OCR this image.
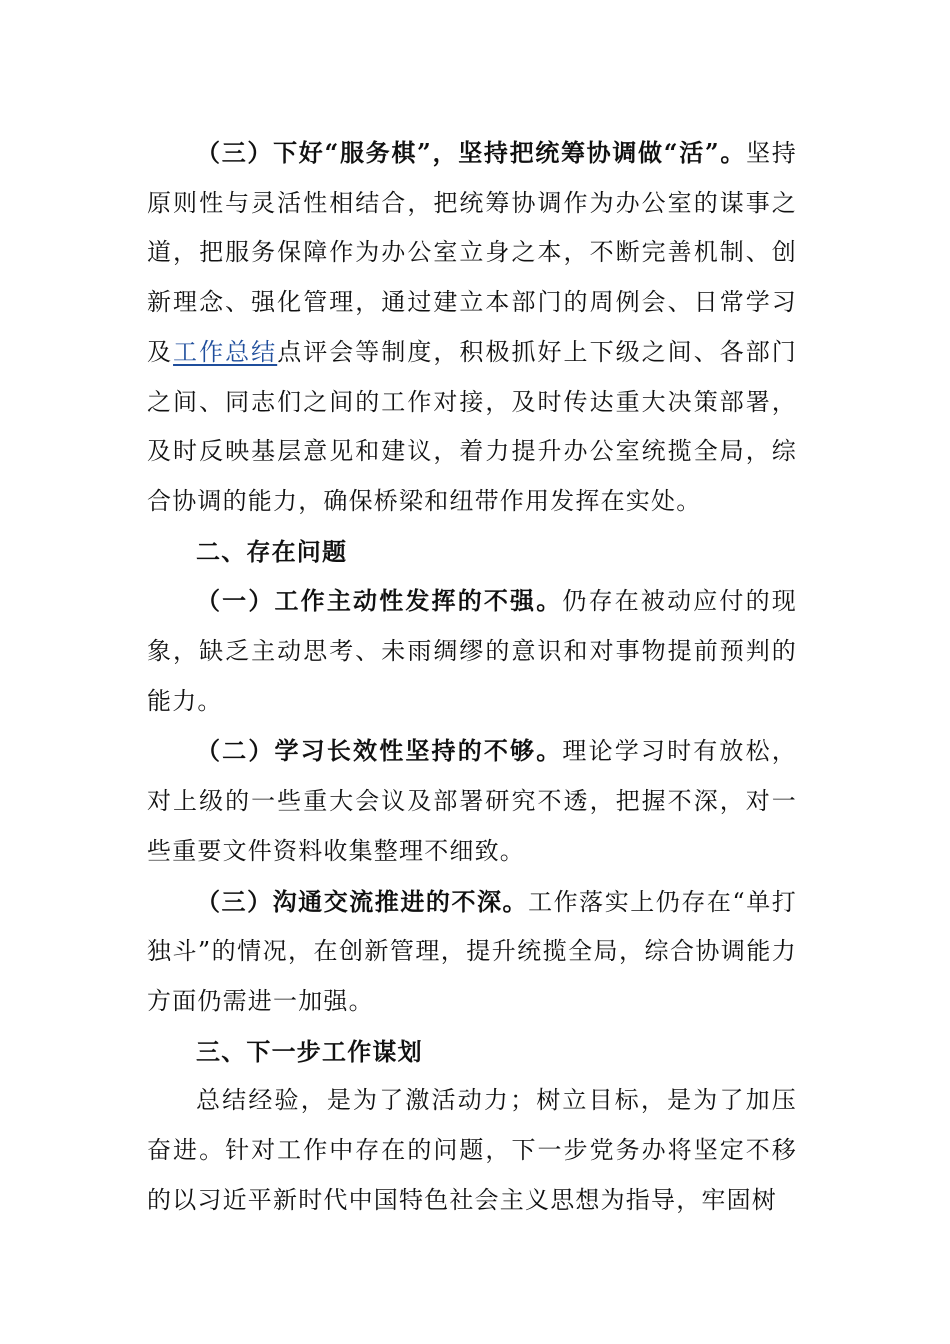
（三）下好“服务棋”，坚持把统筹协调做“活”。坚持原则性与灵活性相结合，把统筹协调作为办公室的谋事之道，把服务保障作为办公室立身之本，不断完善机制、创新理念、强化管理，通过建立本部门的周例会、日常学习及工作总结点评会等制度，积极抓好上下级之间、各部门之间、同志们之间的工作对接，及时传达重大决策部署，及时反映基层意见和建议，着力提升办公室统揽全局，综合协调的能力，确保桥梁和纽带作用发挥在实处。

二、存在问题

（一）工作主动性发挥的不强。仍存在被动应付的现象，缺乏主动思考、未雨绸缪的意识和对事物提前预判的能力。

（二）学习长效性坚持的不够。理论学习时有放松，对上级的一些重大会议及部署研究不透，把握不深，对一些重要文件资料收集整理不细致。

（三）沟通交流推进的不深。工作落实上仍存在“单打独斗”的情况，在创新管理，提升统揽全局，综合协调能力方面仍需进一加强。

三、下一步工作谋划

总结经验，是为了激活动力；树立目标，是为了加压奋进。针对工作中存在的问题，下一步党务办将坚定不移的以习近平新时代中国特色社会主义思想为指导，牢固树
